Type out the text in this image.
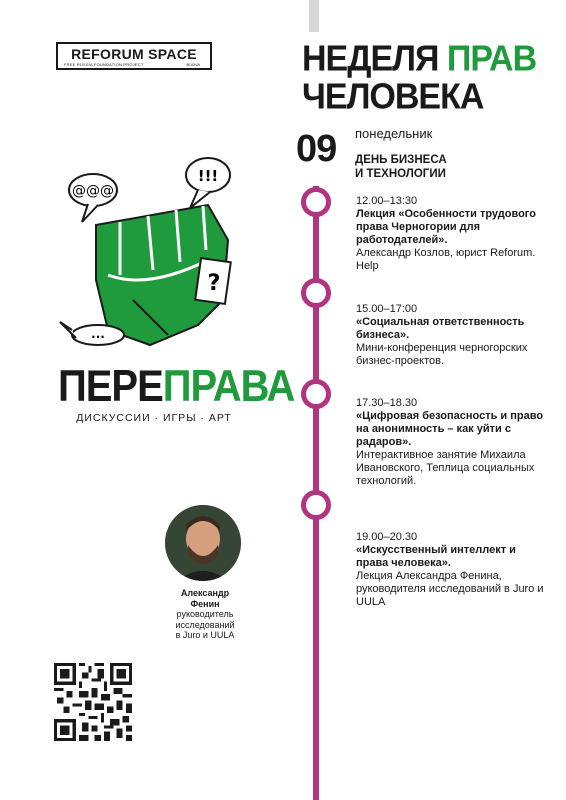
REFORUM SPACE
FREE RUSSIA FOUNDATION PROJECT	BUDVA	НЕДЕЛЯ ПРАВ
ЧЕЛОВЕКА
09 понедельник
ДЕНЬ БИЗНЕСА
И ТЕХНОЛОГИИ
12.00–13:30
Лекция «Особенности трудового права Черногории для работодателей».
Александр Козлов, юрист Reforum. Help
15.00–17:00
«Социальная ответственность бизнеса».
Мини-конференция черногорских бизнес-проектов.
17.30–18.30
«Цифровая безопасность и право на анонимность – как уйти с радаров».
Интерактивное занятие Михаила Ивановского, Теплица социальных технологий.
19.00–20.30
«Искусственный интеллект и права человека».
Лекция Александра Фенина, руководителя исследований в Juro и UULA
@@@
!!!
?
...
ПЕРЕПРАВА
ДИСКУССИИ · ИГРЫ · АРТ
Александр
Фенин
руководитель
исследований
в Juro и UULA
